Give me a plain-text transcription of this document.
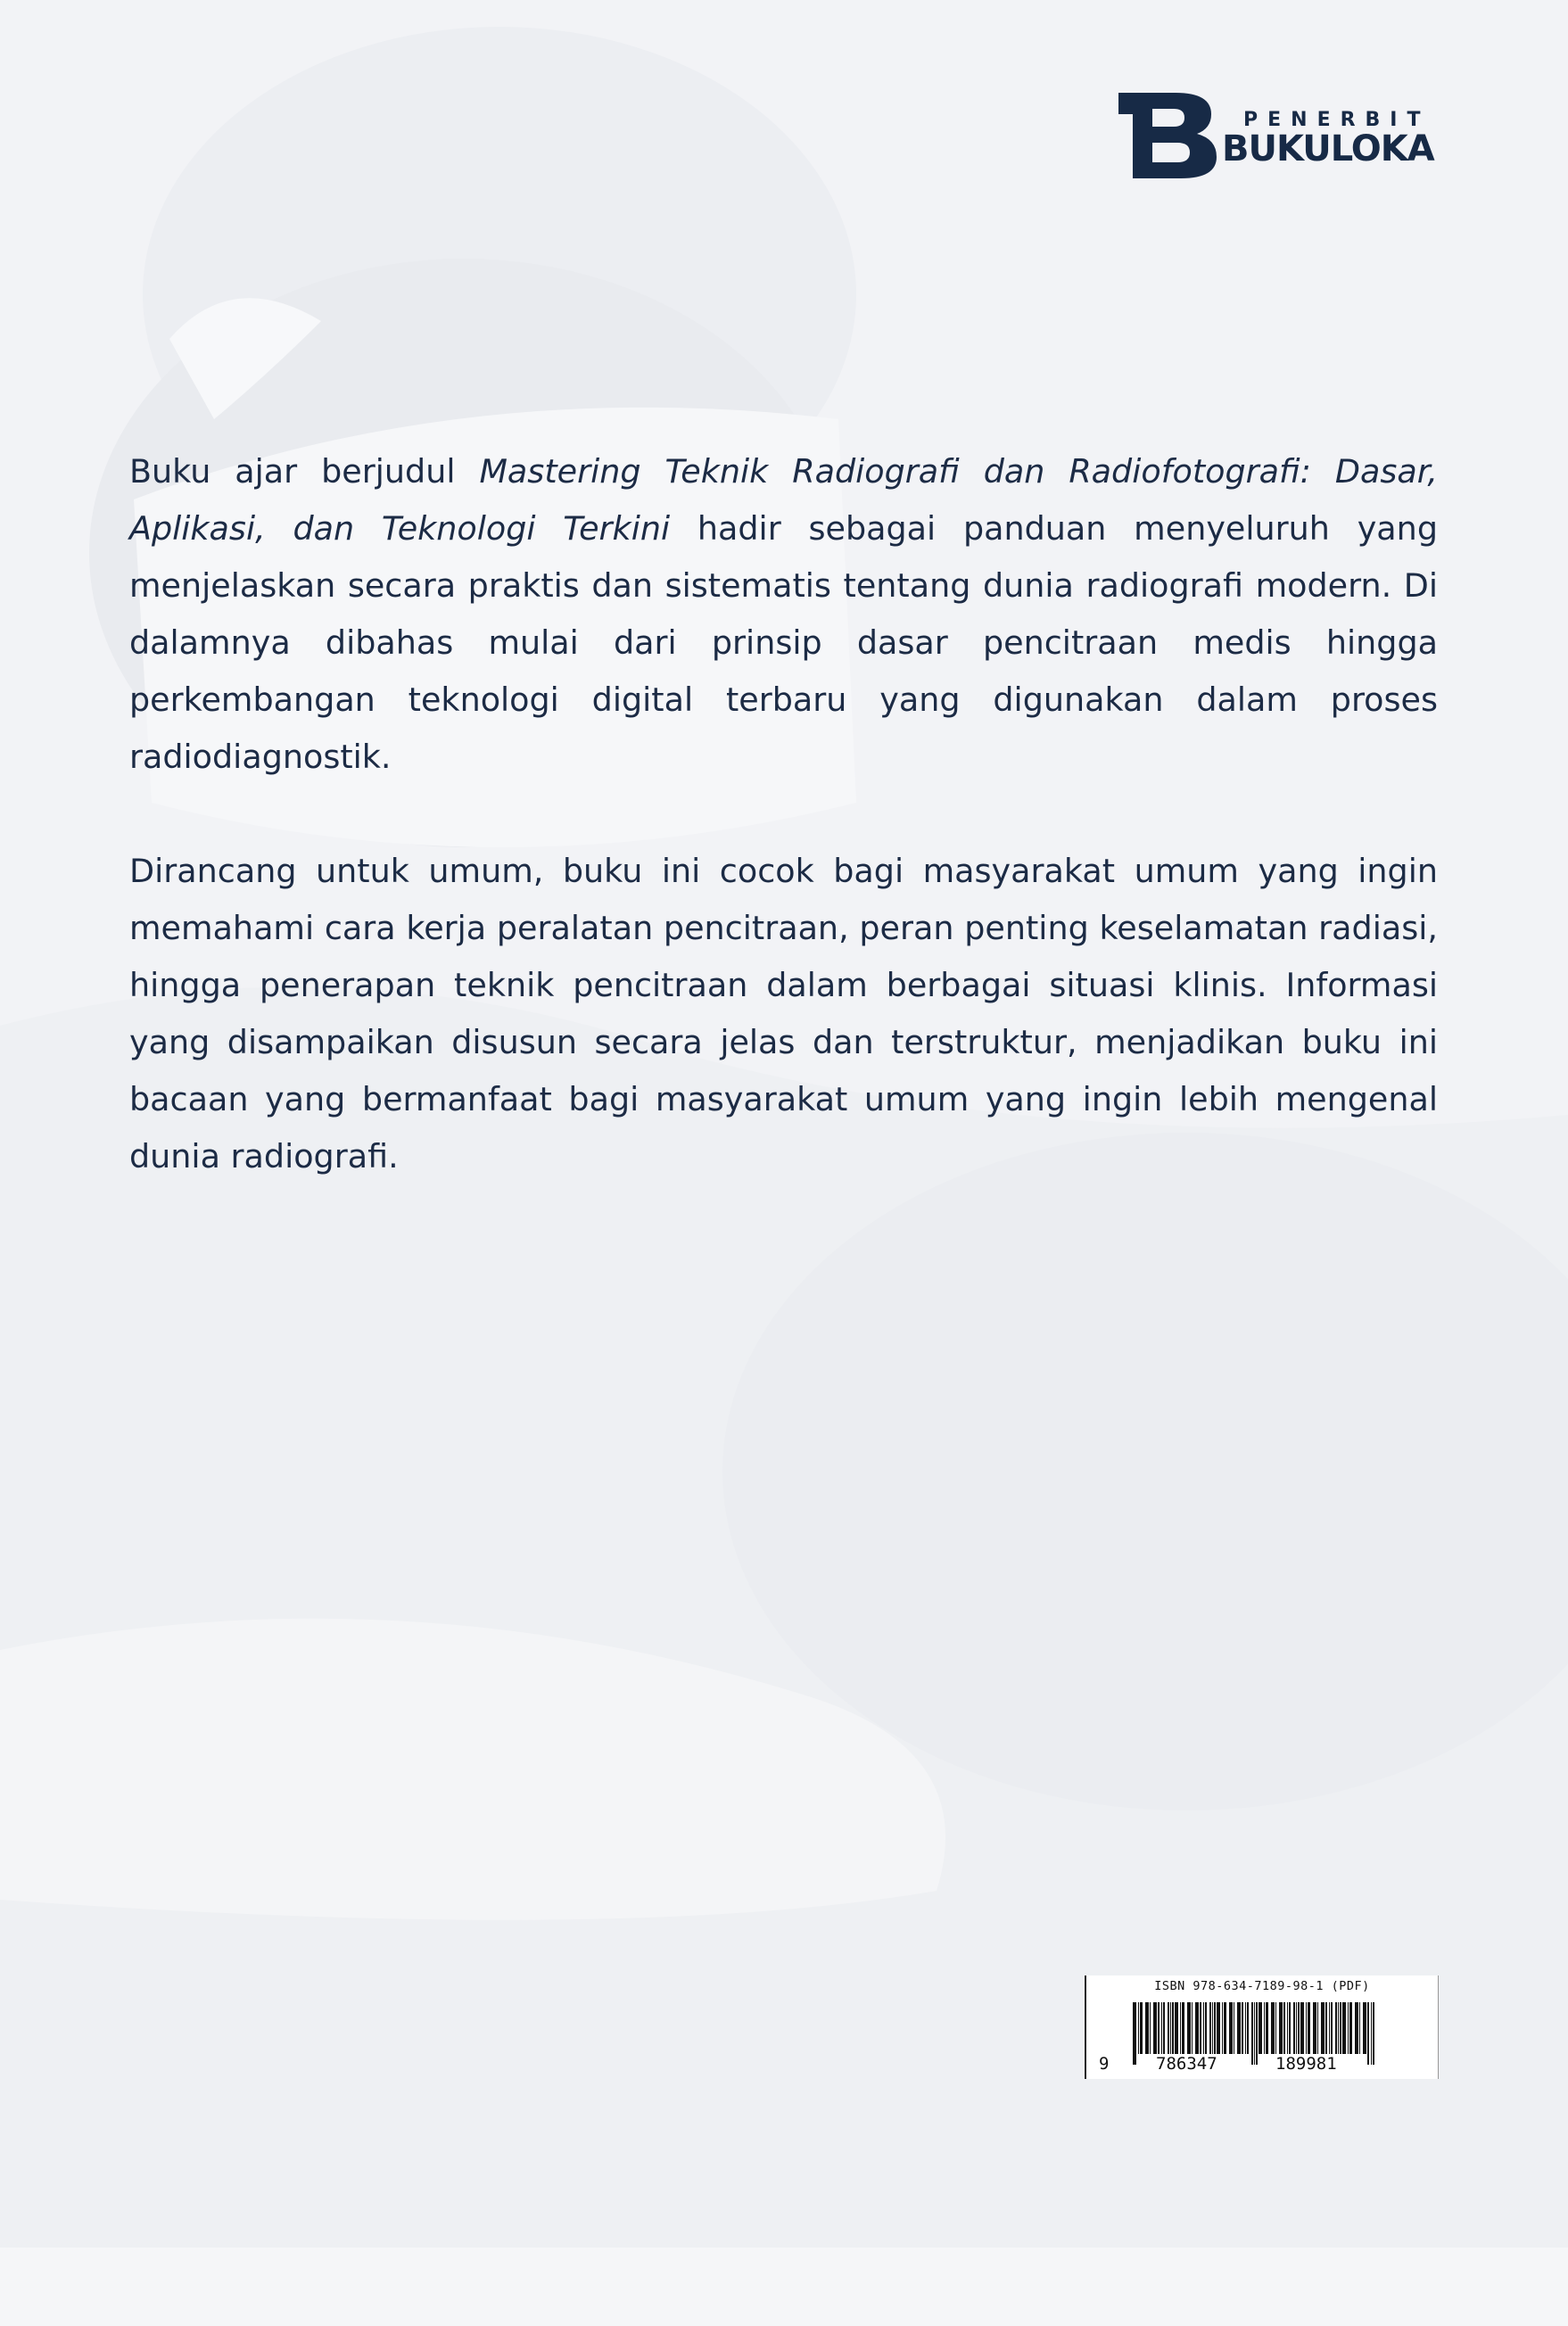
PENERBIT
BUKULOKA

Buku ajar berjudul Mastering Teknik Radiografi dan Radiofotografi: Dasar, Aplikasi, dan Teknologi Terkini hadir sebagai panduan menyeluruh yang menjelaskan secara praktis dan sistematis tentang dunia radiografi modern. Di dalamnya dibahas mulai dari prinsip dasar pencitraan medis hingga perkembangan teknologi digital terbaru yang digunakan dalam proses radiodiagnostik.

Dirancang untuk umum, buku ini cocok bagi masyarakat umum yang ingin memahami cara kerja peralatan pencitraan, peran penting keselamatan radiasi, hingga penerapan teknik pencitraan dalam berbagai situasi klinis. Informasi yang disampaikan disusun secara jelas dan terstruktur, menjadikan buku ini bacaan yang bermanfaat bagi masyarakat umum yang ingin lebih mengenal dunia radiografi.

ISBN 978-634-7189-98-1 (PDF)
9	786347	189981
